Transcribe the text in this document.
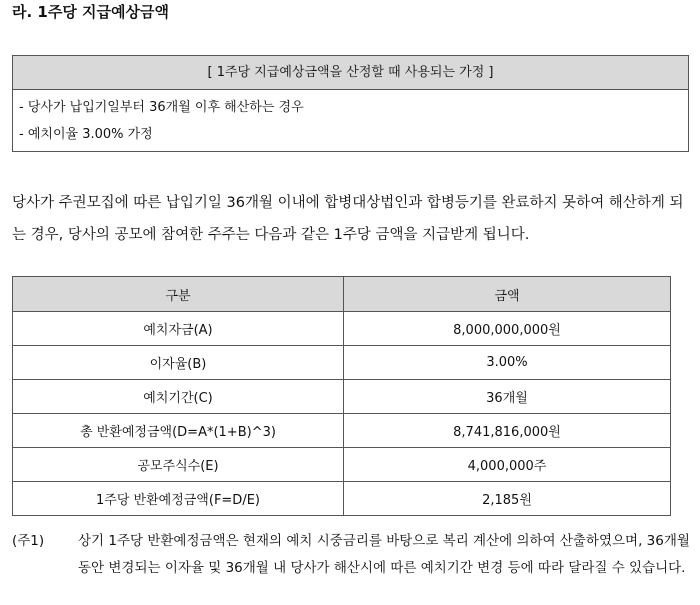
라. 1주당 지급예상금액
[ 1주당 지급예상금액을 산정할 때 사용되는 가정 ]
- 당사가 납입기일부터 36개월 이후 해산하는 경우
- 예치이율 3.00% 가정

당사가 주권모집에 따른 납입기일 36개월 이내에 합병대상법인과 합병등기를 완료하지 못하여 해산하게 되는 경우, 당사의 공모에 참여한 주주는 다음과 같은 1주당 금액을 지급받게 됩니다.

구분	금액
예치자금(A)	8,000,000,000원
이자율(B)	3.00%
예치기간(C)	36개월
총 반환예정금액(D=A*(1+B)^3)	8,741,816,000원
공모주식수(E)	4,000,000주
1주당 반환예정금액(F=D/E)	2,185원
(주1)	상기 1주당 반환예정금액은 현재의 예치 시중금리를 바탕으로 복리 계산에 의하여 산출하였으며, 36개월 동안 변경되는 이자율 및 36개월 내 당사가 해산시에 따른 예치기간 변경 등에 따라 달라질 수 있습니다.
